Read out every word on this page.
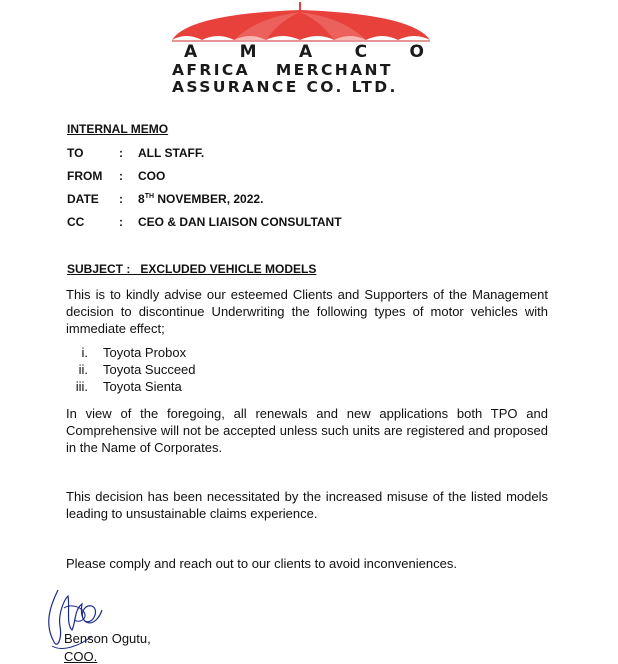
A M A C O
AFRICA MERCHANT
ASSURANCE CO. LTD.
INTERNAL MEMO
TO	: ALL STAFF.
FROM	: COO
DATE	: 8TH NOVEMBER, 2022.
CC	: CEO & DAN LIAISON CONSULTANT
SUBJECT :   EXCLUDED VEHICLE MODELS
This is to kindly advise our esteemed Clients and Supporters of the Management decision to discontinue Underwriting the following types of motor vehicles with immediate effect;
i. Toyota Probox
ii. Toyota Succeed
iii. Toyota Sienta
In view of the foregoing, all renewals and new applications both TPO and Comprehensive will not be accepted unless such units are registered and proposed in the Name of Corporates.
This decision has been necessitated by the increased misuse of the listed models leading to unsustainable claims experience.
Please comply and reach out to our clients to avoid inconveniences.
Benson Ogutu,
COO.
